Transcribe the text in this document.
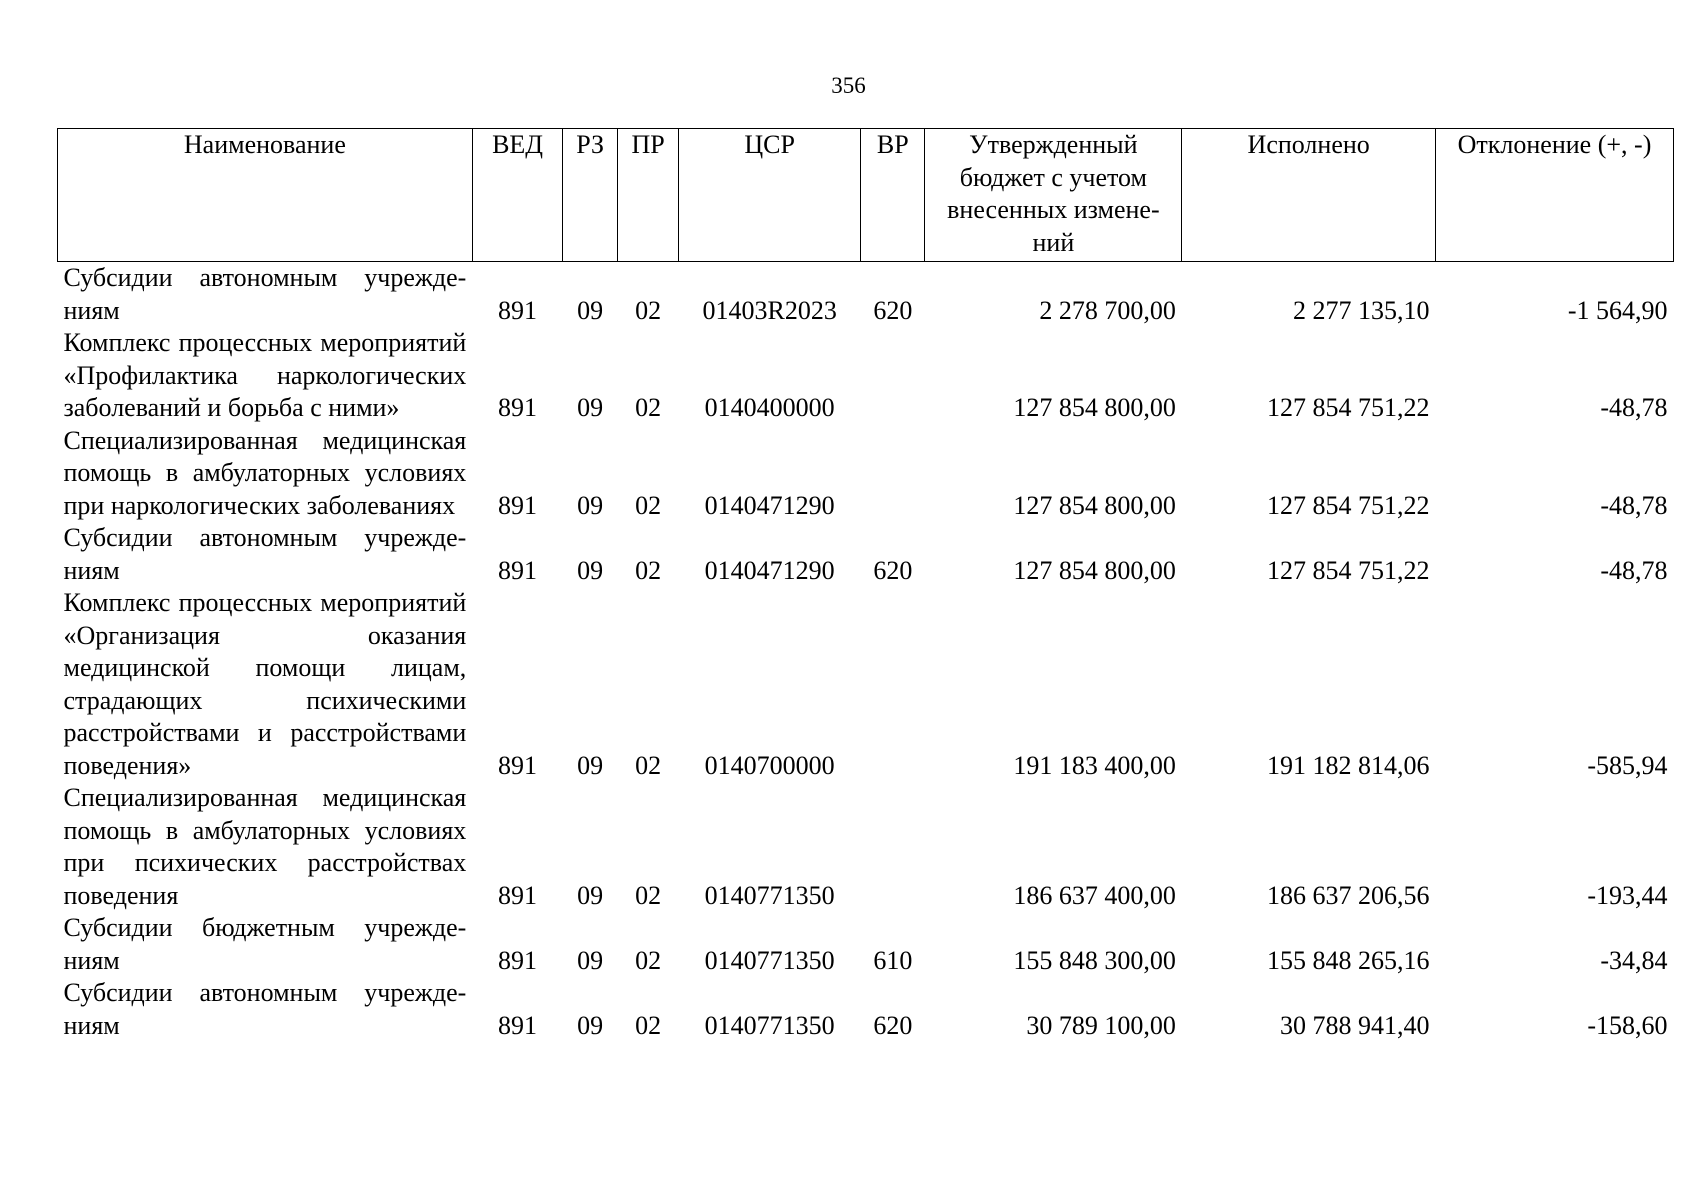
356
Наименование	ВЕД	РЗ	ПР	ЦСР	ВР	Утвержденный бюджет с учетом внесенных измене-ний	Исполнено	Отклонение (+, -)
Субсидии автономным учрежде-ниям	891	09	02	01403R2023	620	2 278 700,00	2 277 135,10	-1 564,90
Комплекс процессных мероприятий «Профилактика наркологических заболеваний и борьба с ними»	891	09	02	0140400000		127 854 800,00	127 854 751,22	-48,78
Специализированная медицинская помощь в амбулаторных условиях при наркологических заболеваниях	891	09	02	0140471290		127 854 800,00	127 854 751,22	-48,78
Субсидии автономным учрежде-ниям	891	09	02	0140471290	620	127 854 800,00	127 854 751,22	-48,78
Комплекс процессных мероприятий «Организация оказания медицинской помощи лицам, страдающих психическими расстройствами и расстройствами поведения»	891	09	02	0140700000		191 183 400,00	191 182 814,06	-585,94
Специализированная медицинская помощь в амбулаторных условиях при психических расстройствах поведения	891	09	02	0140771350		186 637 400,00	186 637 206,56	-193,44
Субсидии бюджетным учрежде-ниям	891	09	02	0140771350	610	155 848 300,00	155 848 265,16	-34,84
Субсидии автономным учрежде-ниям	891	09	02	0140771350	620	30 789 100,00	30 788 941,40	-158,60
